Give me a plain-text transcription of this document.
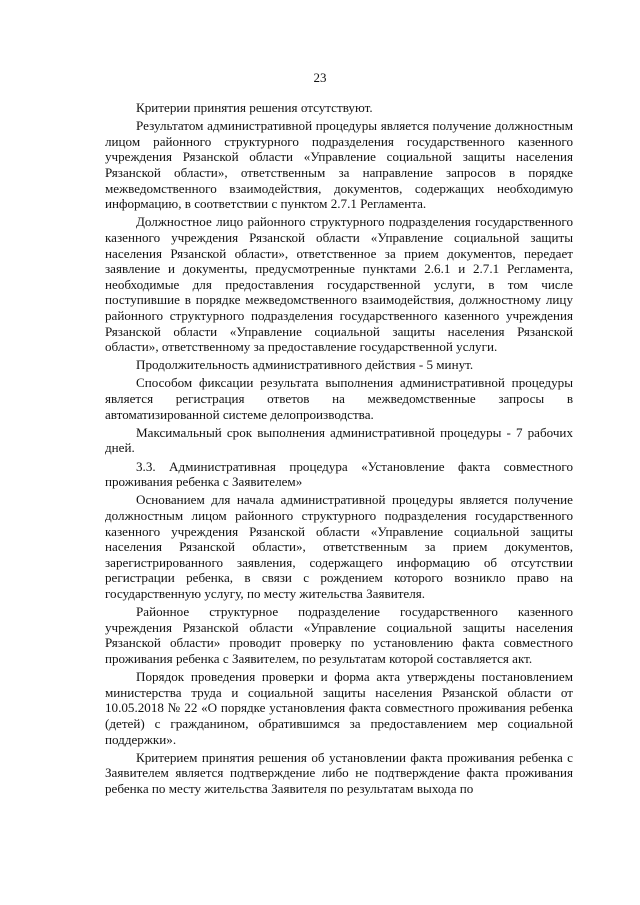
23

Критерии принятия решения отсутствуют.

Результатом административной процедуры является получение должностным лицом районного структурного подразделения государственного казенного учреждения Рязанской области «Управление социальной защиты населения Рязанской области», ответственным за направление запросов в порядке межведомственного взаимодействия, документов, содержащих необходимую информацию, в соответствии с пунктом 2.7.1 Регламента.

Должностное лицо районного структурного подразделения государственного казенного учреждения Рязанской области «Управление социальной защиты населения Рязанской области», ответственное за прием документов, передает заявление и документы, предусмотренные пунктами 2.6.1 и 2.7.1 Регламента, необходимые для предоставления государственной услуги, в том числе поступившие в порядке межведомственного взаимодействия, должностному лицу районного структурного подразделения государственного казенного учреждения Рязанской области «Управление социальной защиты населения Рязанской области», ответственному за предоставление государственной услуги.

Продолжительность административного действия - 5 минут.

Способом фиксации результата выполнения административной процедуры является регистрация ответов на межведомственные запросы в автоматизированной системе делопроизводства.

Максимальный срок выполнения административной процедуры - 7 рабочих дней.

3.3. Административная процедура «Установление факта совместного проживания ребенка с Заявителем»

Основанием для начала административной процедуры является получение должностным лицом районного структурного подразделения государственного казенного учреждения Рязанской области «Управление социальной защиты населения Рязанской области», ответственным за прием документов, зарегистрированного заявления, содержащего информацию об отсутствии регистрации ребенка, в связи с рождением которого возникло право на государственную услугу, по месту жительства Заявителя.

Районное структурное подразделение государственного казенного учреждения Рязанской области «Управление социальной защиты населения Рязанской области» проводит проверку по установлению факта совместного проживания ребенка с Заявителем, по результатам которой составляется акт.

Порядок проведения проверки и форма акта утверждены постановлением министерства труда и социальной защиты населения Рязанской области от 10.05.2018 № 22 «О порядке установления факта совместного проживания ребенка (детей) с гражданином, обратившимся за предоставлением мер социальной поддержки».

Критерием принятия решения об установлении факта проживания ребенка с Заявителем является подтверждение либо не подтверждение факта проживания ребенка по месту жительства Заявителя по результатам выхода по
